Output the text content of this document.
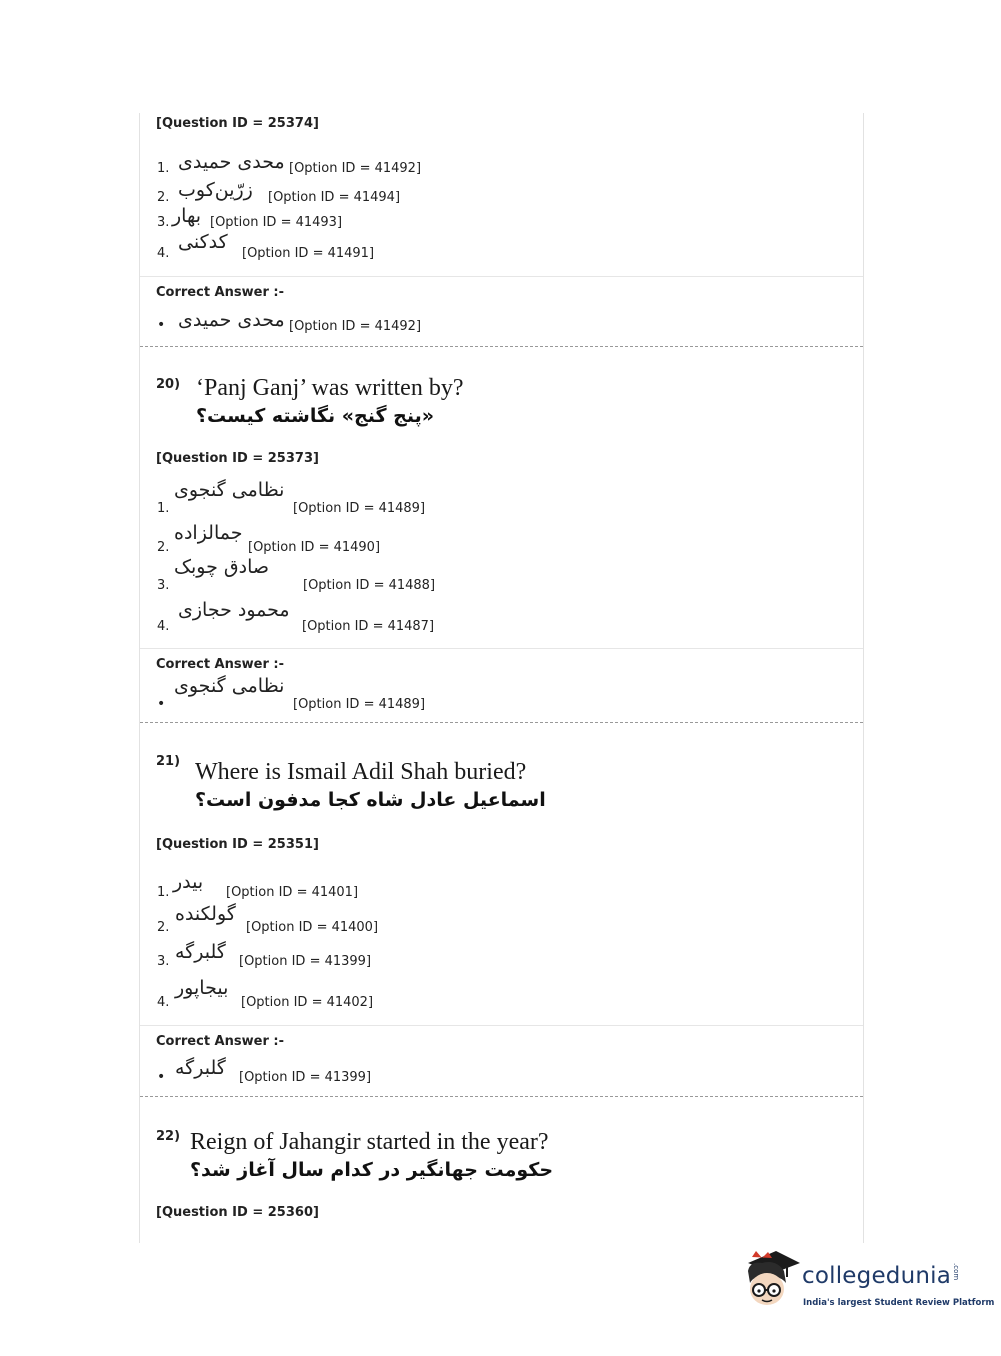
[Question ID = 25374]
1. محدی حمیدی [Option ID = 41492]
2. زرّین‌کوب [Option ID = 41494]
3. بهار [Option ID = 41493]
4.
کدکنی
[Option ID = 41491]
Correct Answer :-
• محدی حمیدی [Option ID = 41492]
20) ‘Panj Ganj’ was written by?
«پنج گنج» نگاشته کیست؟
[Question ID = 25373]
1.
نظامی گنجوی
[Option ID = 41489]
2.
جمالزاده
[Option ID = 41490]
3.
صادق چوبک
[Option ID = 41488]
4.
محمود حجازی
[Option ID = 41487]
Correct Answer :-
•
نظامی گنجوی
[Option ID = 41489]
21) Where is Ismail Adil Shah buried?
اسماعیل عادل شاه کجا مدفون است؟
[Question ID = 25351]
1. بیدر [Option ID = 41401]
2.
گولکنده
[Option ID = 41400]
3. گلبرگه [Option ID = 41399]
4.
بیجاپور
[Option ID = 41402]
Correct Answer :-
• گلبرگه [Option ID = 41399]
22) Reign of Jahangir started in the year?
حکومت جهانگیر در کدام سال آغاز شد؟
[Question ID = 25360]
collegedunia.com
India's largest Student Review Platform
